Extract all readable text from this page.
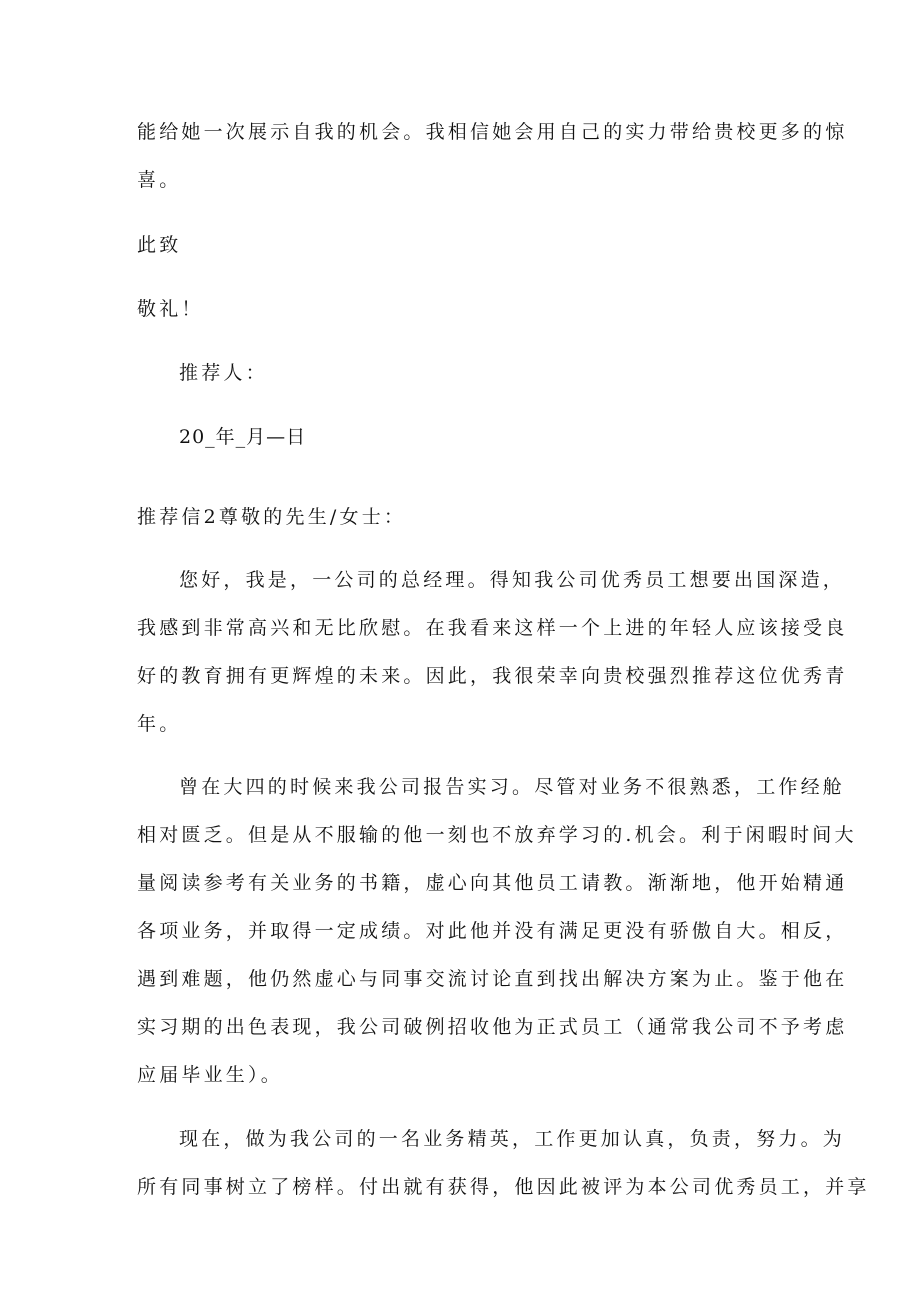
能给她一次展示自我的机会。我相信她会用自己的实力带给贵校更多的惊
喜。
此致
敬礼！
推荐人：
20_年_月—日
推荐信2尊敬的先生/女士：
您好，我是，一公司的总经理。得知我公司优秀员工想要出国深造，
我感到非常高兴和无比欣慰。在我看来这样一个上进的年轻人应该接受良
好的教育拥有更辉煌的未来。因此，我很荣幸向贵校强烈推荐这位优秀青
年。
曾在大四的时候来我公司报告实习。尽管对业务不很熟悉，工作经舱
相对匮乏。但是从不服输的他一刻也不放弃学习的.机会。利于闲暇时间大
量阅读参考有关业务的书籍，虚心向其他员工请教。渐渐地，他开始精通
各项业务，并取得一定成绩。对此他并没有满足更没有骄傲自大。相反，
遇到难题，他仍然虚心与同事交流讨论直到找出解决方案为止。鉴于他在
实习期的出色表现，我公司破例招收他为正式员工（通常我公司不予考虑
应届毕业生）。
现在，做为我公司的一名业务精英，工作更加认真，负责，努力。为
所有同事树立了榜样。付出就有获得，他因此被评为本公司优秀员工，并享
